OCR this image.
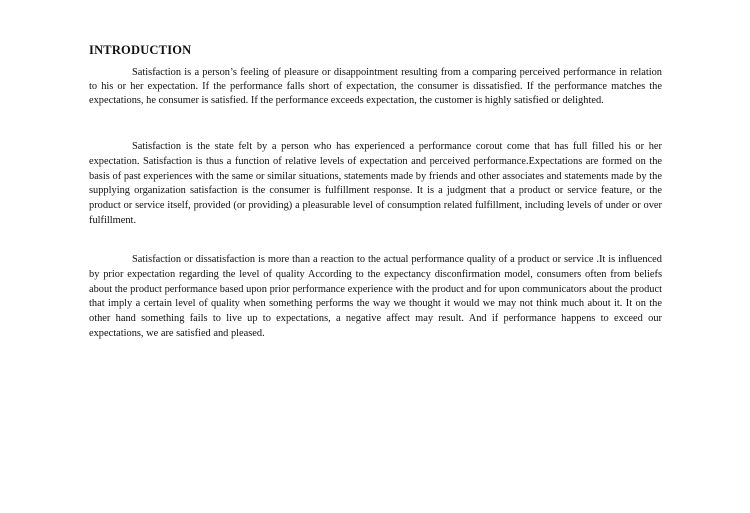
INTRODUCTION

Satisfaction is a person’s feeling of pleasure or disappointment resulting from a comparing perceived performance in relation to his or her expectation. If the performance falls short of expectation, the consumer is dissatisfied. If the performance matches the expectations, he consumer is satisfied. If the performance exceeds expectation, the customer is highly satisfied or delighted.

Satisfaction is the state felt by a person who has experienced a performance corout come that has full filled his or her expectation. Satisfaction is thus a function of relative levels of expectation and perceived performance.Expectations are formed on the basis of past experiences with the same or similar situations, statements made by friends and other associates and statements made by the supplying organization satisfaction is the consumer is fulfillment response. It is a judgment that a product or service feature, or the product or service itself, provided (or providing) a pleasurable level of consumption related fulfillment, including levels of under or over fulfillment.

Satisfaction or dissatisfaction is more than a reaction to the actual performance quality of a product or service .It is influenced by prior expectation regarding the level of quality According to the expectancy disconfirmation model, consumers often from beliefs about the product performance based upon prior performance experience with the product and for upon communicators about the product that imply a certain level of quality when something performs the way we thought it would we may not think much about it. It on the other hand something fails to live up to expectations, a negative affect may result. And if performance happens to exceed our expectations, we are satisfied and pleased.
